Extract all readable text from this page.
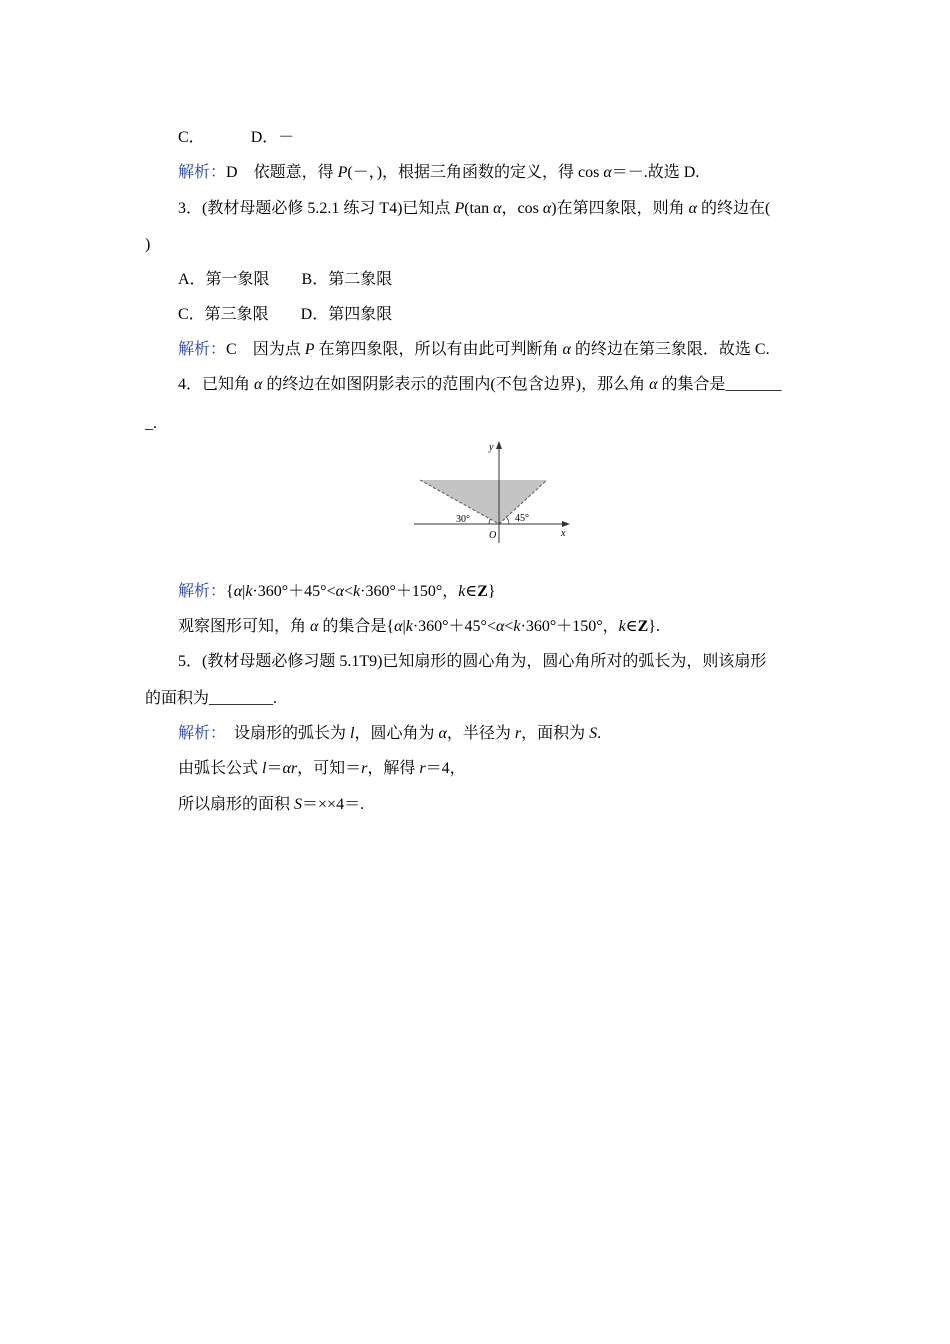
C．	D．－
解析：D　依题意，得 P(－，)，根据三角函数的定义，得 cos α＝－.故选 D.
3．(教材母题必修 5.2.1 练习 T4)已知点 P(tan α，cos α)在第四象限，则角 α 的终边在(
)
A．第一象限　　B．第二象限
C．第三象限　　D．第四象限
解析：C　因为点 P 在第四象限，所以有由此可判断角 α 的终边在第三象限．故选 C.
4．已知角 α 的终边在如图阴影表示的范围内(不包含边界)，那么角 α 的集合是_______
_.
y
x
O
30°	45°
解析：{α|k·360°＋45°<α<k·360°＋150°，k∈Z}
观察图形可知，角 α 的集合是{α|k·360°＋45°<α<k·360°＋150°，k∈Z}.
5．(教材母题必修习题 5.1T9)已知扇形的圆心角为，圆心角所对的弧长为，则该扇形
的面积为________.
解析：　设扇形的弧长为 l，圆心角为 α，半径为 r，面积为 S.
由弧长公式 l＝αr，可知＝r，解得 r＝4，
所以扇形的面积 S＝××4＝.
